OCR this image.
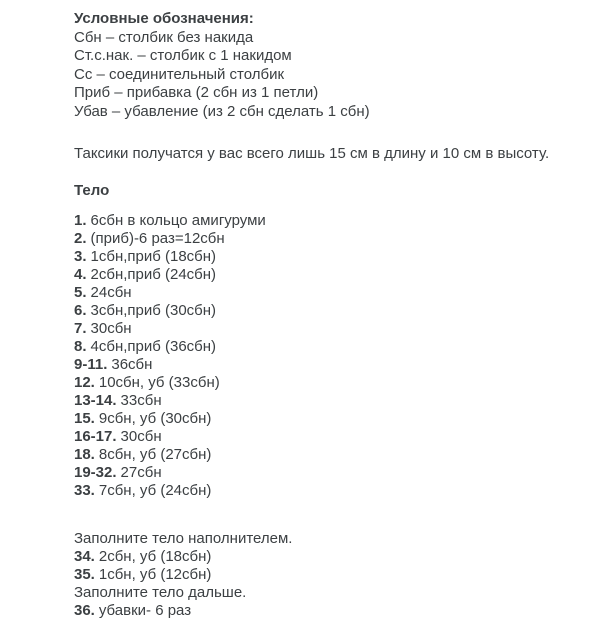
Условные обозначения:
Сбн – столбик без накида
Ст.с.нак. – столбик с 1 накидом
Сс – соединительный столбик
Приб – прибавка (2 сбн из 1 петли)
Убав – убавление (из 2 сбн сделать 1 сбн)
Таксики получатся у вас всего лишь 15 см в длину и 10 см в высоту.
Тело
1. 6сбн в кольцо амигуруми
2. (приб)-6 раз=12сбн
3. 1сбн,приб (18сбн)
4. 2сбн,приб (24сбн)
5. 24сбн
6. 3сбн,приб (30сбн)
7. 30сбн
8. 4сбн,приб (36сбн)
9-11. 36сбн
12. 10сбн, уб (33сбн)
13-14. 33сбн
15. 9сбн, уб (30сбн)
16-17. 30сбн
18. 8сбн, уб (27сбн)
19-32. 27сбн
33. 7сбн, уб (24сбн)
Заполните тело наполнителем.
34. 2сбн, уб (18сбн)
35. 1сбн, уб (12сбн)
Заполните тело дальше.
36. убавки- 6 раз
